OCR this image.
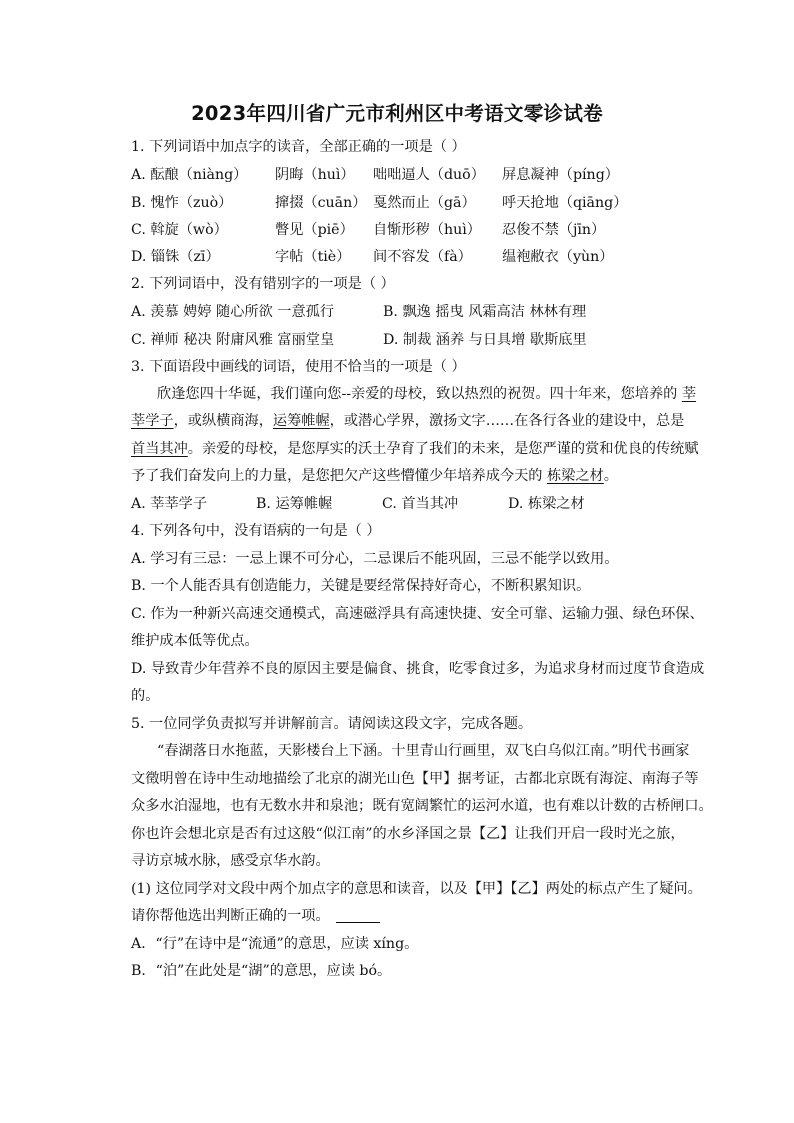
2023年四川省广元市利州区中考语文零诊试卷
1. 下列词语中加点字的读音，全部正确的一项是（ ）
A. 酝酿（niàng） 阴晦（huì） 咄咄逼人（duō） 屏息凝神（píng）
B. 愧怍（zuò）	撺掇（cuān） 戛然而止（gā） 呼天抢地（qiāng）
C. 斡旋（wò）	瞥见（piē） 自惭形秽（huì） 忍俊不禁（jīn）
D. 锱铢（zī）	字帖（tiè） 间不容发（fà） 缊袍敝衣（yùn）
2. 下列词语中，没有错别字的一项是（ ）
A. 羡慕 娉婷 随心所欲 一意孤行	B. 飘逸 摇曳 风霜高洁 林林有理
C. 禅师 秘决 附庸风雅 富丽堂皇	D. 制裁 涵养 与日具增 歇斯底里
3. 下面语段中画线的词语，使用不恰当的一项是（ ）
欣逢您四十华诞，我们谨向您--亲爱的母校，致以热烈的祝贺。四十年来，您培养的 莘
莘学子，或纵横商海，运筹帷幄，或潜心学界，激扬文字……在各行各业的建设中，总是
首当其冲。亲爱的母校，是您厚实的沃土孕育了我们的未来，是您严谨的赏和优良的传统赋
予了我们奋发向上的力量，是您把欠产这些懵懂少年培养成今天的 栋梁之材。
A. 莘莘学子	B. 运筹帷幄	C. 首当其冲	D. 栋梁之材
4. 下列各句中，没有语病的一句是（ ）
A. 学习有三忌：一忌上课不可分心，二忌课后不能巩固，三忌不能学以致用。
B. 一个人能否具有创造能力，关键是要经常保持好奇心，不断积累知识。
C. 作为一种新兴高速交通模式，高速磁浮具有高速快捷、安全可靠、运输力强、绿色环保、
维护成本低等优点。
D. 导致青少年营养不良的原因主要是偏食、挑食，吃零食过多，为追求身材而过度节食造成
的。
5. 一位同学负责拟写并讲解前言。请阅读这段文字，完成各题。
“春湖落日水拖蓝，天影楼台上下涵。十里青山行画里，双飞白乌似江南。”明代书画家
文徵明曾在诗中生动地描绘了北京的湖光山色【甲】据考证，古都北京既有海淀、南海子等
众多水泊湿地，也有无数水井和泉池；既有宽阔繁忙的运河水道，也有难以计数的古桥闸口。
你也许会想北京是否有过这般“似江南”的水乡泽国之景【乙】让我们开启一段时光之旅，
寻访京城水脉，感受京华水韵。
(1) 这位同学对文段中两个加点字的意思和读音，以及【甲】【乙】两处的标点产生了疑问。
请你帮他选出判断正确的一项。
A．“行”在诗中是“流通”的意思，应读 xíng。
B．“泊”在此处是“湖”的意思，应读 bó。
